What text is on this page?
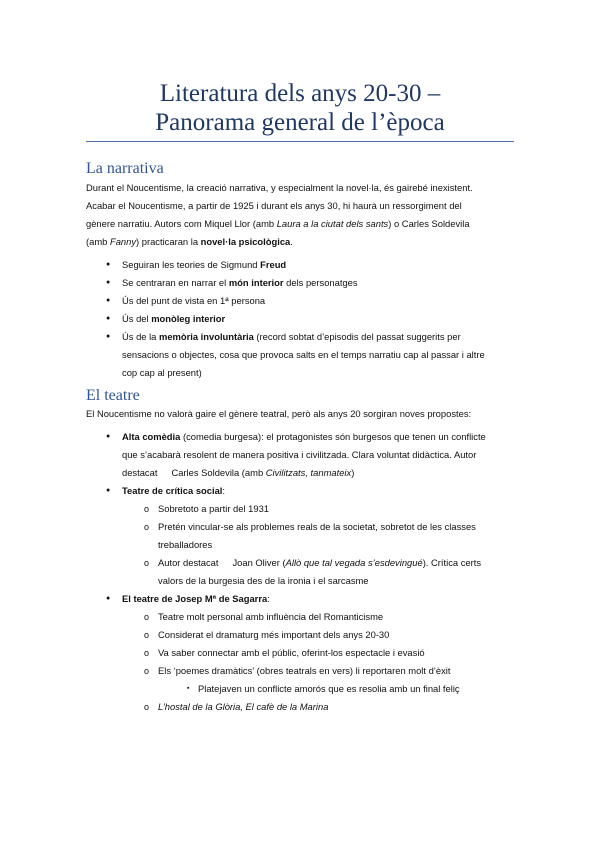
Literatura dels anys 20-30 –
Panorama general de l’època
La narrativa
Durant el Noucentisme, la creació narrativa, y especialment la novel·la, és gairebé inexistent.
Acabar el Noucentisme, a partir de 1925 i durant els anys 30, hi haurà un ressorgiment del
gènere narratiu. Autors com Miquel Llor (amb Laura a la ciutat dels sants) o Carles Soldevila
(amb Fanny) practicaran la novel·la psicològica.
● Seguiran les teories de Sigmund Freud
● Se centraran en narrar el món interior dels personatges
● Ús del punt de vista en 1ª persona
● Ús del monòleg interior
● Ús de la memòria involuntària (record sobtat d’episodis del passat suggerits per
sensacions o objectes, cosa que provoca salts en el temps narratiu cap al passar i altre
cop cap al present)
El teatre
El Noucentisme no valorà gaire el gènere teatral, però als anys 20 sorgiran noves propostes:
● Alta comèdia (comedia burgesa): el protagonistes són burgesos que tenen un conflicte
que s’acabarà resolent de manera positiva i civilitzada. Clara voluntat didàctica. Autor
destacat Carles Soldevila (amb Civilitzats, tanmateix)
● Teatre de crítica social:
o Sobretoto a partir del 1931
o Pretén vincular-se als problemes reals de la societat, sobretot de les classes
treballadores
o Autor destacat Joan Oliver (Allò que tal vegada s’esdevingué). Crítica certs
valors de la burgesia des de la ironia i el sarcasme
● El teatre de Josep Mª de Sagarra:
o Teatre molt personal amb influència del Romanticisme
o Considerat el dramaturg més important dels anys 20-30
o Va saber connectar amb el públic, oferint-los espectacle i evasió
o Els ‘poemes dramàtics’ (obres teatrals en vers) li reportaren molt d’èxit
▪ Platejaven un conflicte amorós que es resolia amb un final feliç
o L’hostal de la Glòria, El cafè de la Marina
